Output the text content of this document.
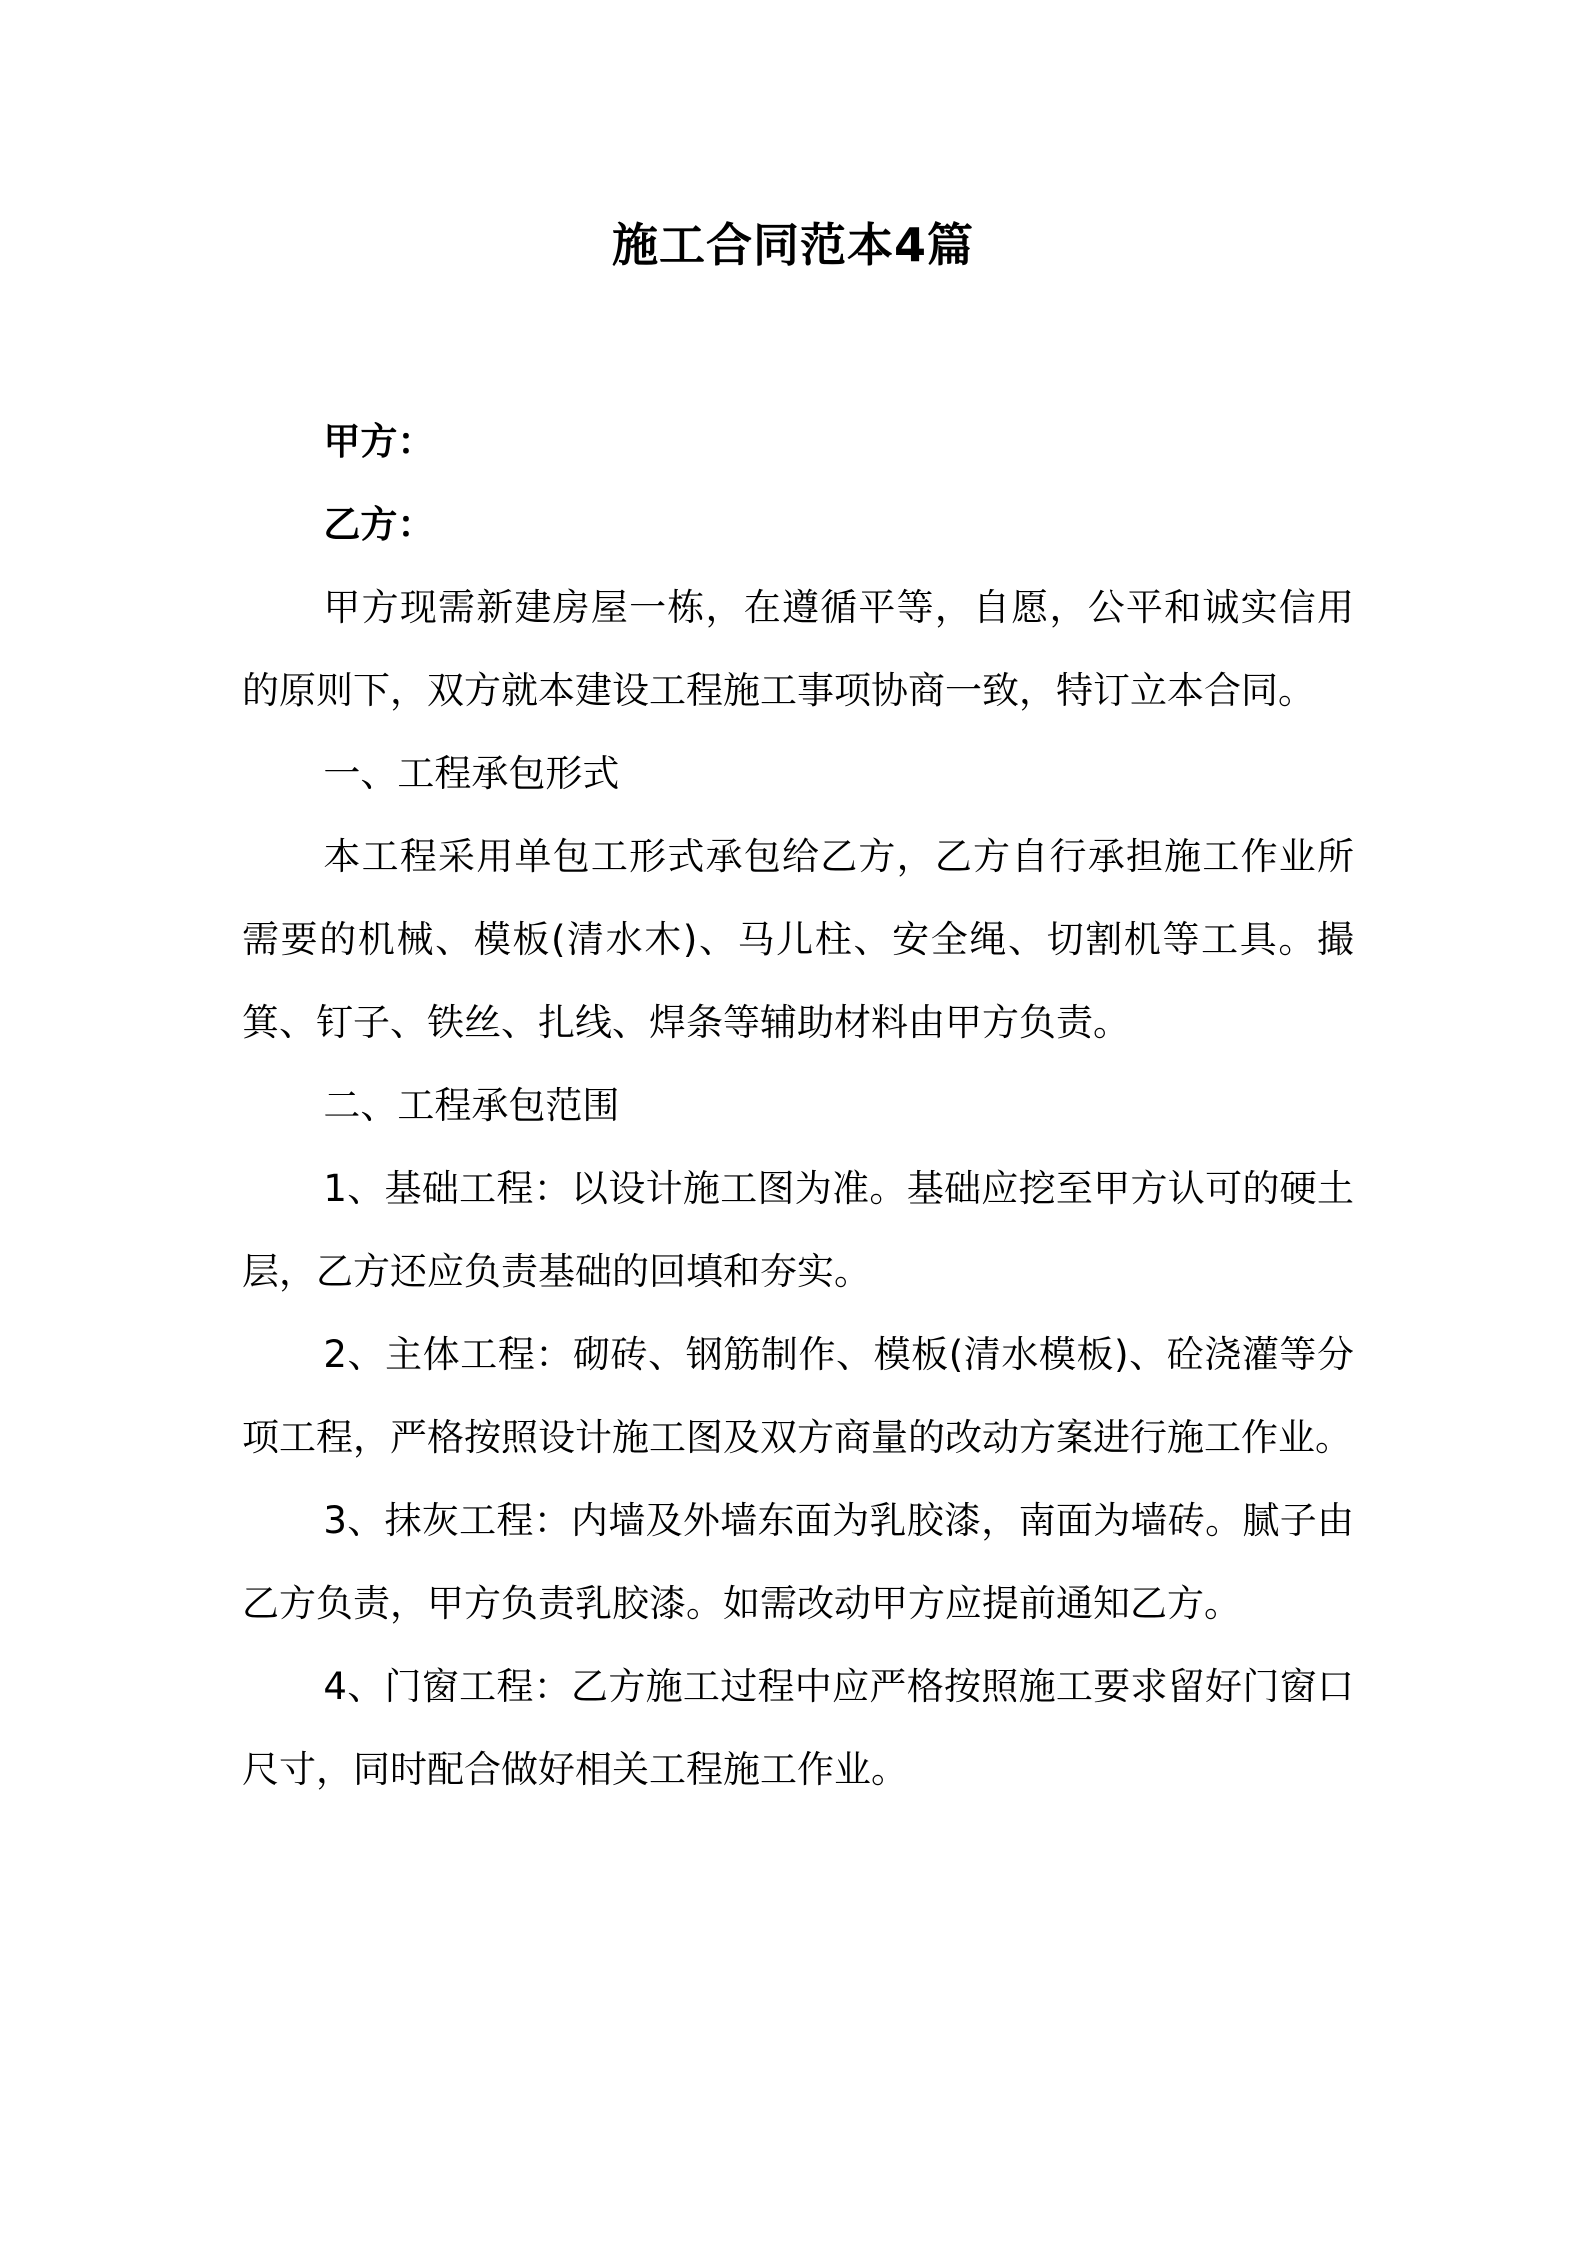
施工合同范本4篇

甲方：

乙方：

甲方现需新建房屋一栋，在遵循平等，自愿，公平和诚实信用的原则下，双方就本建设工程施工事项协商一致，特订立本合同。

一、工程承包形式

本工程采用单包工形式承包给乙方，乙方自行承担施工作业所需要的机械、模板(清水木)、马儿柱、安全绳、切割机等工具。撮箕、钉子、铁丝、扎线、焊条等辅助材料由甲方负责。

二、工程承包范围

1、基础工程：以设计施工图为准。基础应挖至甲方认可的硬土层，乙方还应负责基础的回填和夯实。

2、主体工程：砌砖、钢筋制作、模板(清水模板)、砼浇灌等分项工程，严格按照设计施工图及双方商量的改动方案进行施工作业。

3、抹灰工程：内墙及外墙东面为乳胶漆，南面为墙砖。腻子由乙方负责，甲方负责乳胶漆。如需改动甲方应提前通知乙方。

4、门窗工程：乙方施工过程中应严格按照施工要求留好门窗口尺寸，同时配合做好相关工程施工作业。
